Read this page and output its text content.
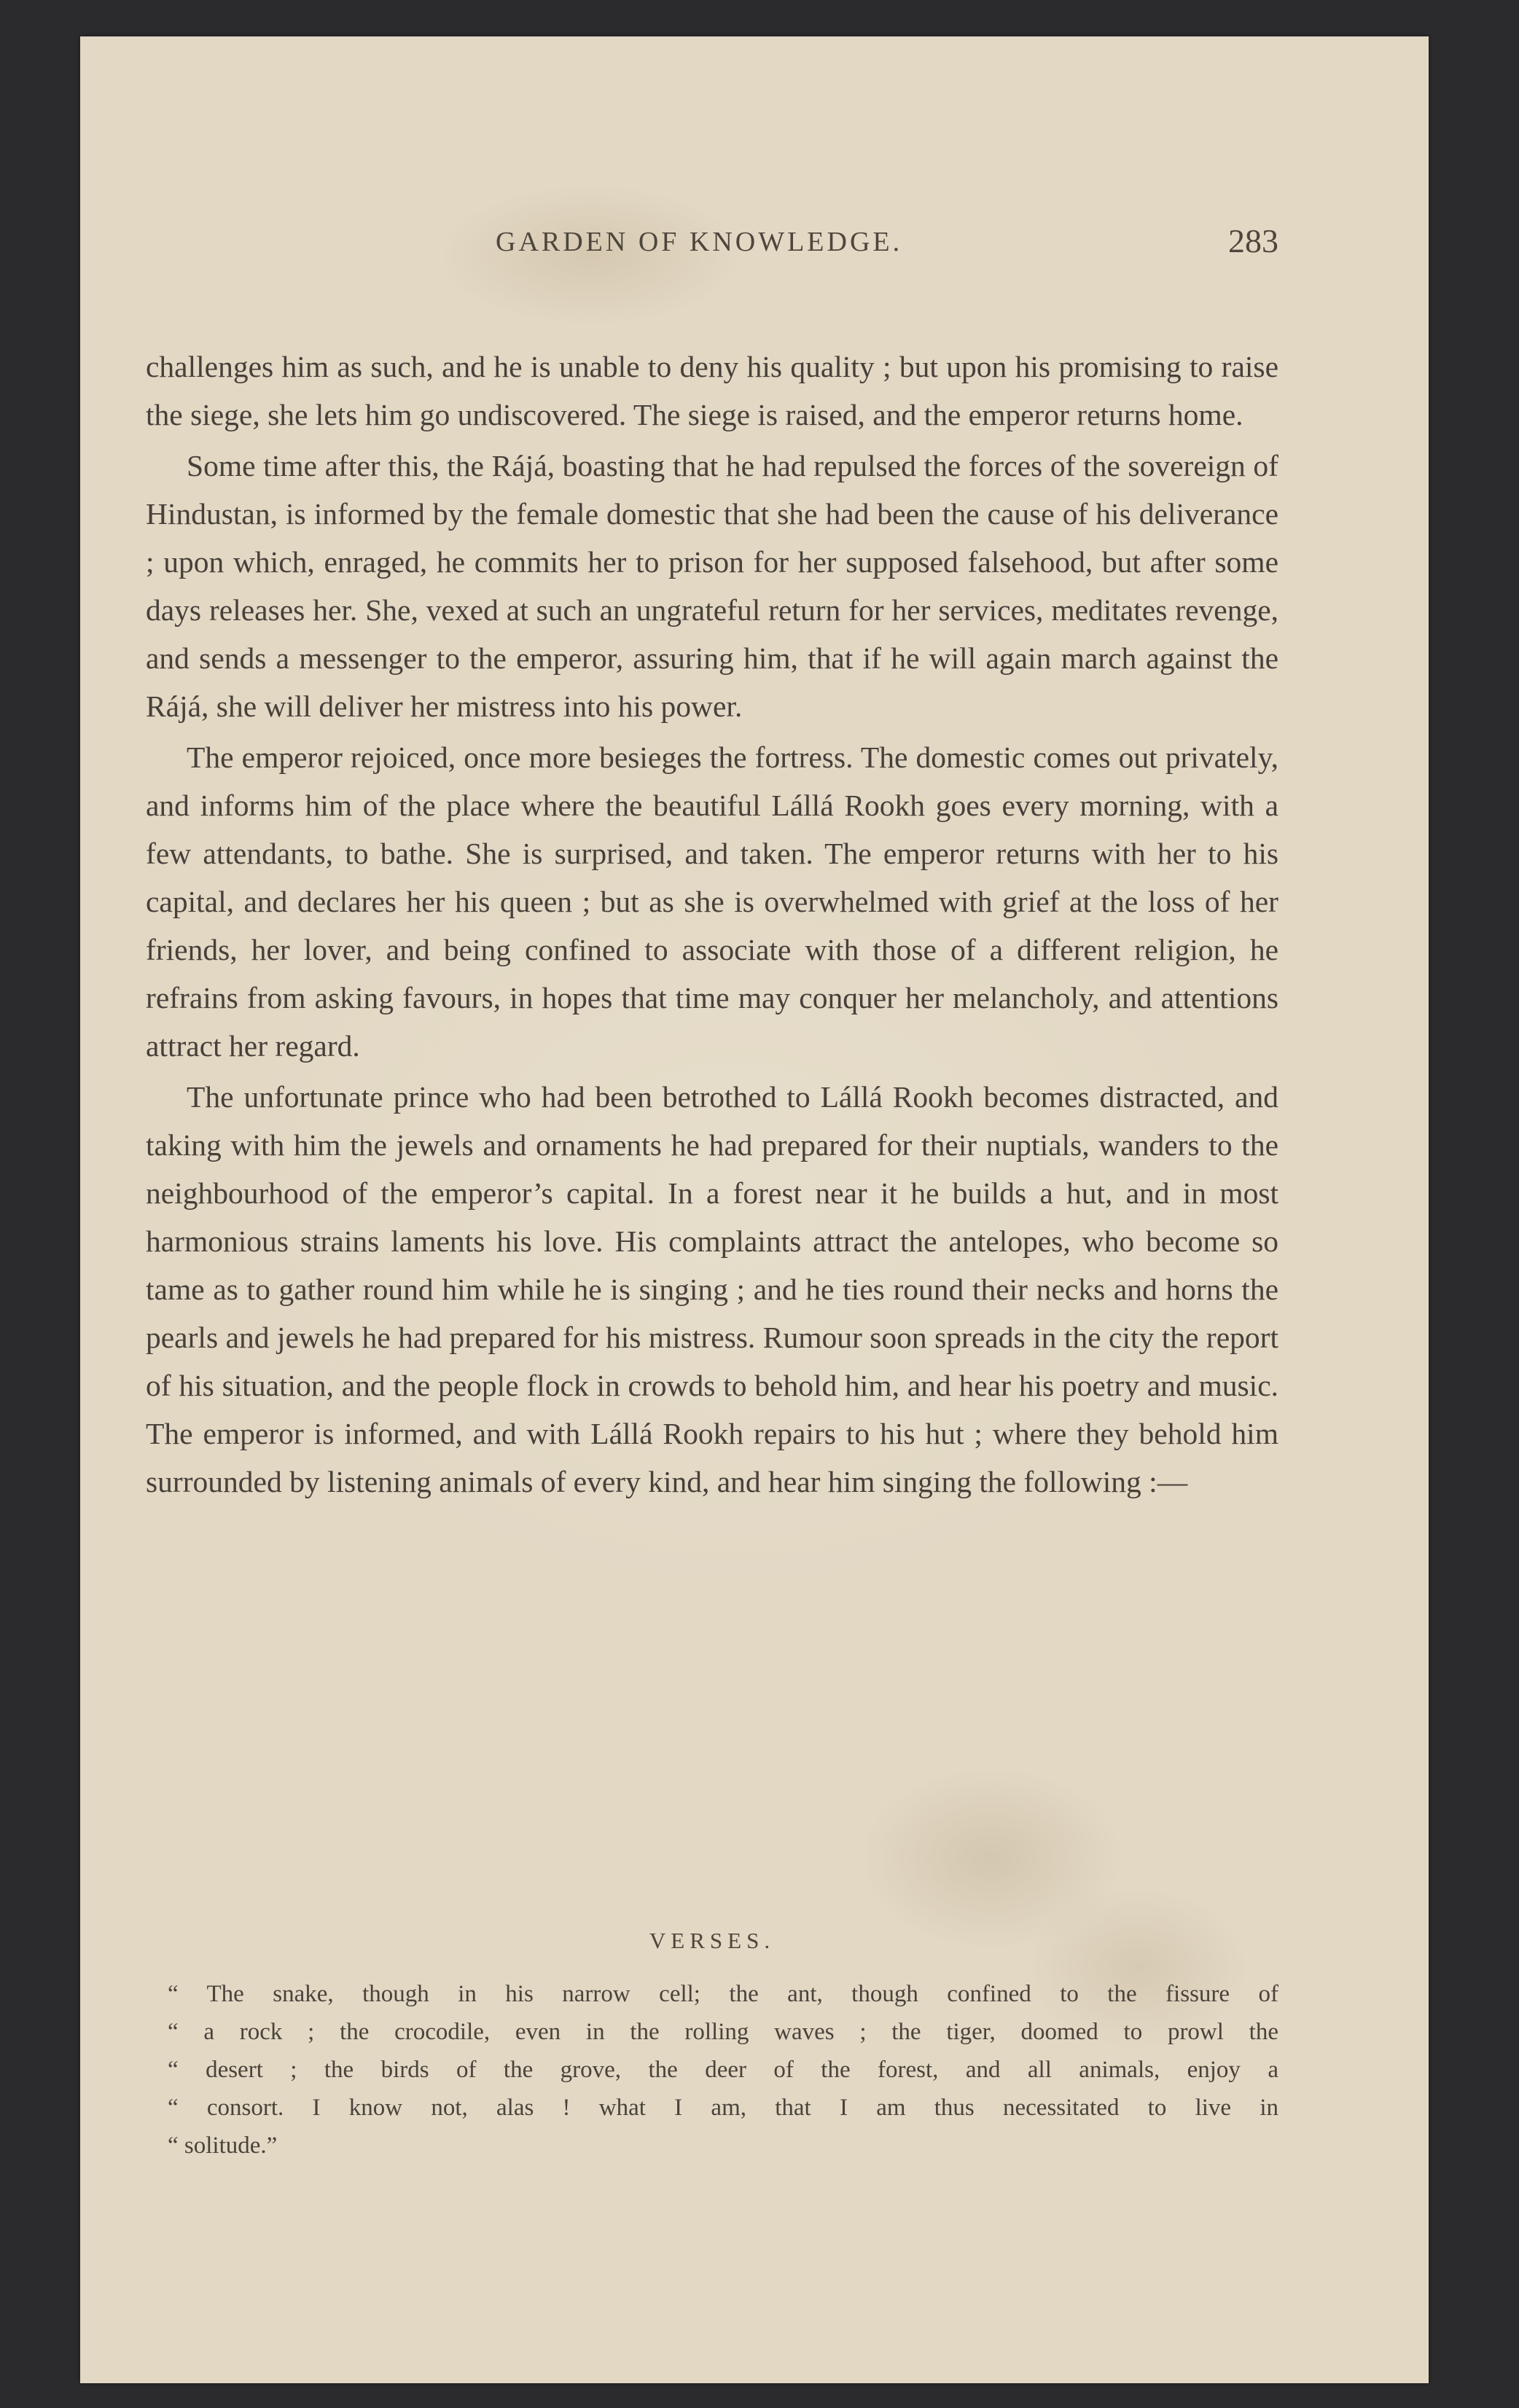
GARDEN OF KNOWLEDGE.	283

challenges him as such, and he is unable to deny his quality ; but upon his promising to raise the siege, she lets him go undiscovered. The siege is raised, and the emperor returns home.

Some time after this, the Rájá, boasting that he had repulsed the forces of the sovereign of Hindustan, is informed by the female domestic that she had been the cause of his deliverance ; upon which, enraged, he commits her to prison for her supposed falsehood, but after some days releases her. She, vexed at such an ungrateful return for her services, meditates revenge, and sends a messenger to the emperor, assuring him, that if he will again march against the Rájá, she will deliver her mistress into his power.

The emperor rejoiced, once more besieges the fortress. The domestic comes out privately, and informs him of the place where the beautiful Lállá Rookh goes every morning, with a few attendants, to bathe. She is surprised, and taken. The emperor returns with her to his capital, and declares her his queen ; but as she is overwhelmed with grief at the loss of her friends, her lover, and being confined to associate with those of a different religion, he refrains from asking favours, in hopes that time may conquer her melancholy, and attentions attract her regard.

The unfortunate prince who had been betrothed to Lállá Rookh becomes distracted, and taking with him the jewels and ornaments he had prepared for their nuptials, wanders to the neighbourhood of the emperor’s capital. In a forest near it he builds a hut, and in most harmonious strains laments his love. His complaints attract the antelopes, who become so tame as to gather round him while he is singing ; and he ties round their necks and horns the pearls and jewels he had prepared for his mistress. Rumour soon spreads in the city the report of his situation, and the people flock in crowds to behold him, and hear his poetry and music. The emperor is informed, and with Lállá Rookh repairs to his hut ; where they behold him surrounded by listening animals of every kind, and hear him singing the following :—

VERSES.
“ The snake, though in his narrow cell; the ant, though confined to the fissure of
“ a rock ; the crocodile, even in the rolling waves ; the tiger, doomed to prowl the
“ desert ; the birds of the grove, the deer of the forest, and all animals, enjoy a
“ consort. I know not, alas ! what I am, that I am thus necessitated to live in
“ solitude.”
